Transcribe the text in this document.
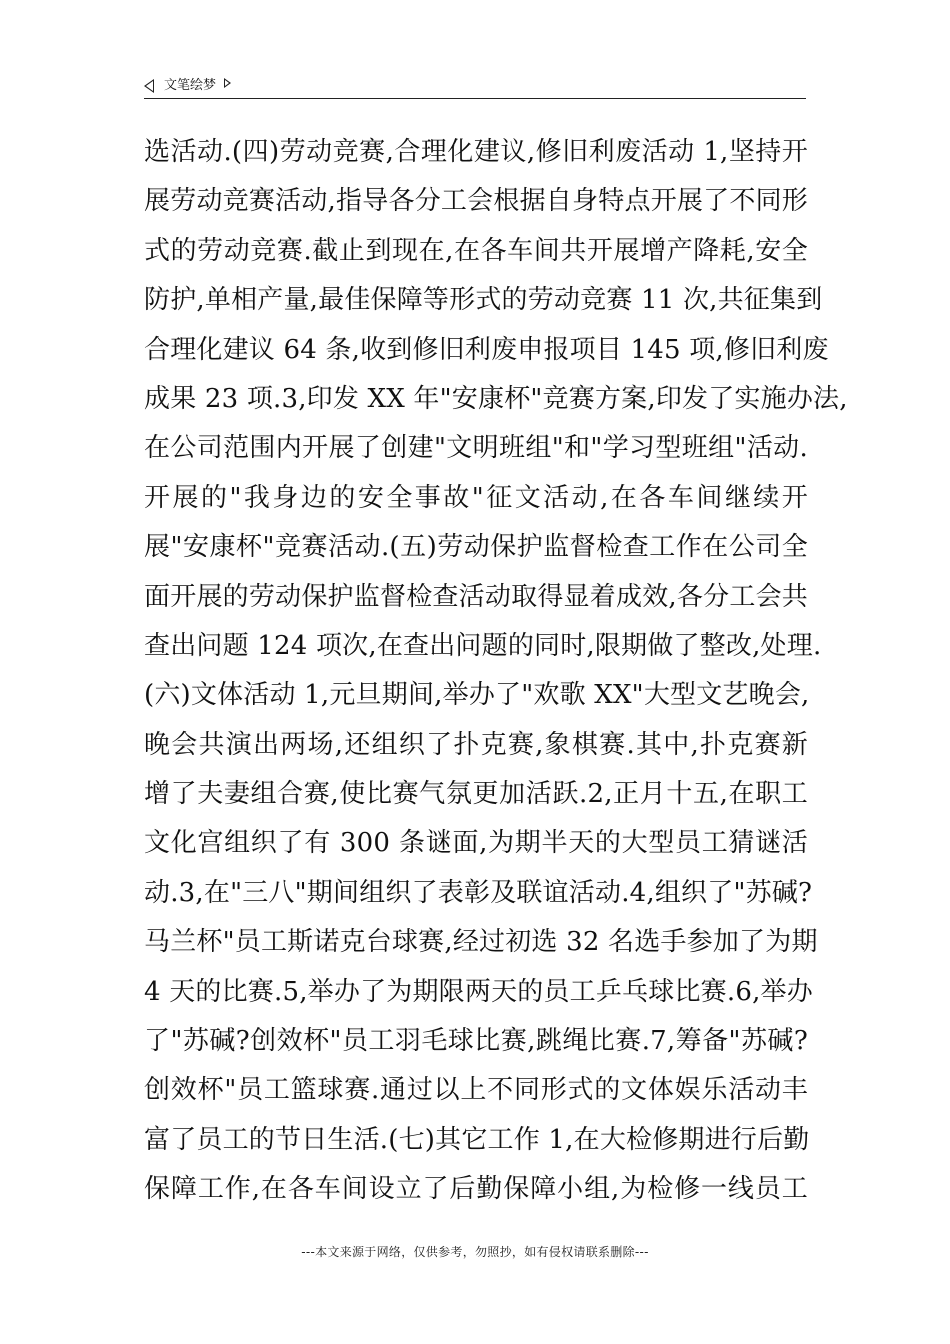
文笔绘梦
选活动.(四)劳动竞赛,合理化建议,修旧利废活动 1,坚持开
展劳动竞赛活动,指导各分工会根据自身特点开展了不同形
式的劳动竞赛.截止到现在,在各车间共开展增产降耗,安全
防护,单相产量,最佳保障等形式的劳动竞赛 11 次,共征集到
合理化建议 64 条,收到修旧利废申报项目 145 项,修旧利废
成果 23 项.3,印发 XX 年"安康杯"竞赛方案,印发了实施办法,
在公司范围内开展了创建"文明班组"和"学习型班组"活动.
开展的"我身边的安全事故"征文活动,在各车间继续开
展"安康杯"竞赛活动.(五)劳动保护监督检查工作在公司全
面开展的劳动保护监督检查活动取得显着成效,各分工会共
查出问题 124 项次,在查出问题的同时,限期做了整改,处理.
(六)文体活动 1,元旦期间,举办了"欢歌 XX"大型文艺晚会,
晚会共演出两场,还组织了扑克赛,象棋赛.其中,扑克赛新
增了夫妻组合赛,使比赛气氛更加活跃.2,正月十五,在职工
文化宫组织了有 300 条谜面,为期半天的大型员工猜谜活
动.3,在"三八"期间组织了表彰及联谊活动.4,组织了"苏碱?
马兰杯"员工斯诺克台球赛,经过初选 32 名选手参加了为期
4 天的比赛.5,举办了为期限两天的员工乒乓球比赛.6,举办
了"苏碱?创效杯"员工羽毛球比赛,跳绳比赛.7,筹备"苏碱?
创效杯"员工篮球赛.通过以上不同形式的文体娱乐活动丰
富了员工的节日生活.(七)其它工作 1,在大检修期进行后勤
保障工作,在各车间设立了后勤保障小组,为检修一线员工
---本文来源于网络，仅供参考，勿照抄，如有侵权请联系删除---
